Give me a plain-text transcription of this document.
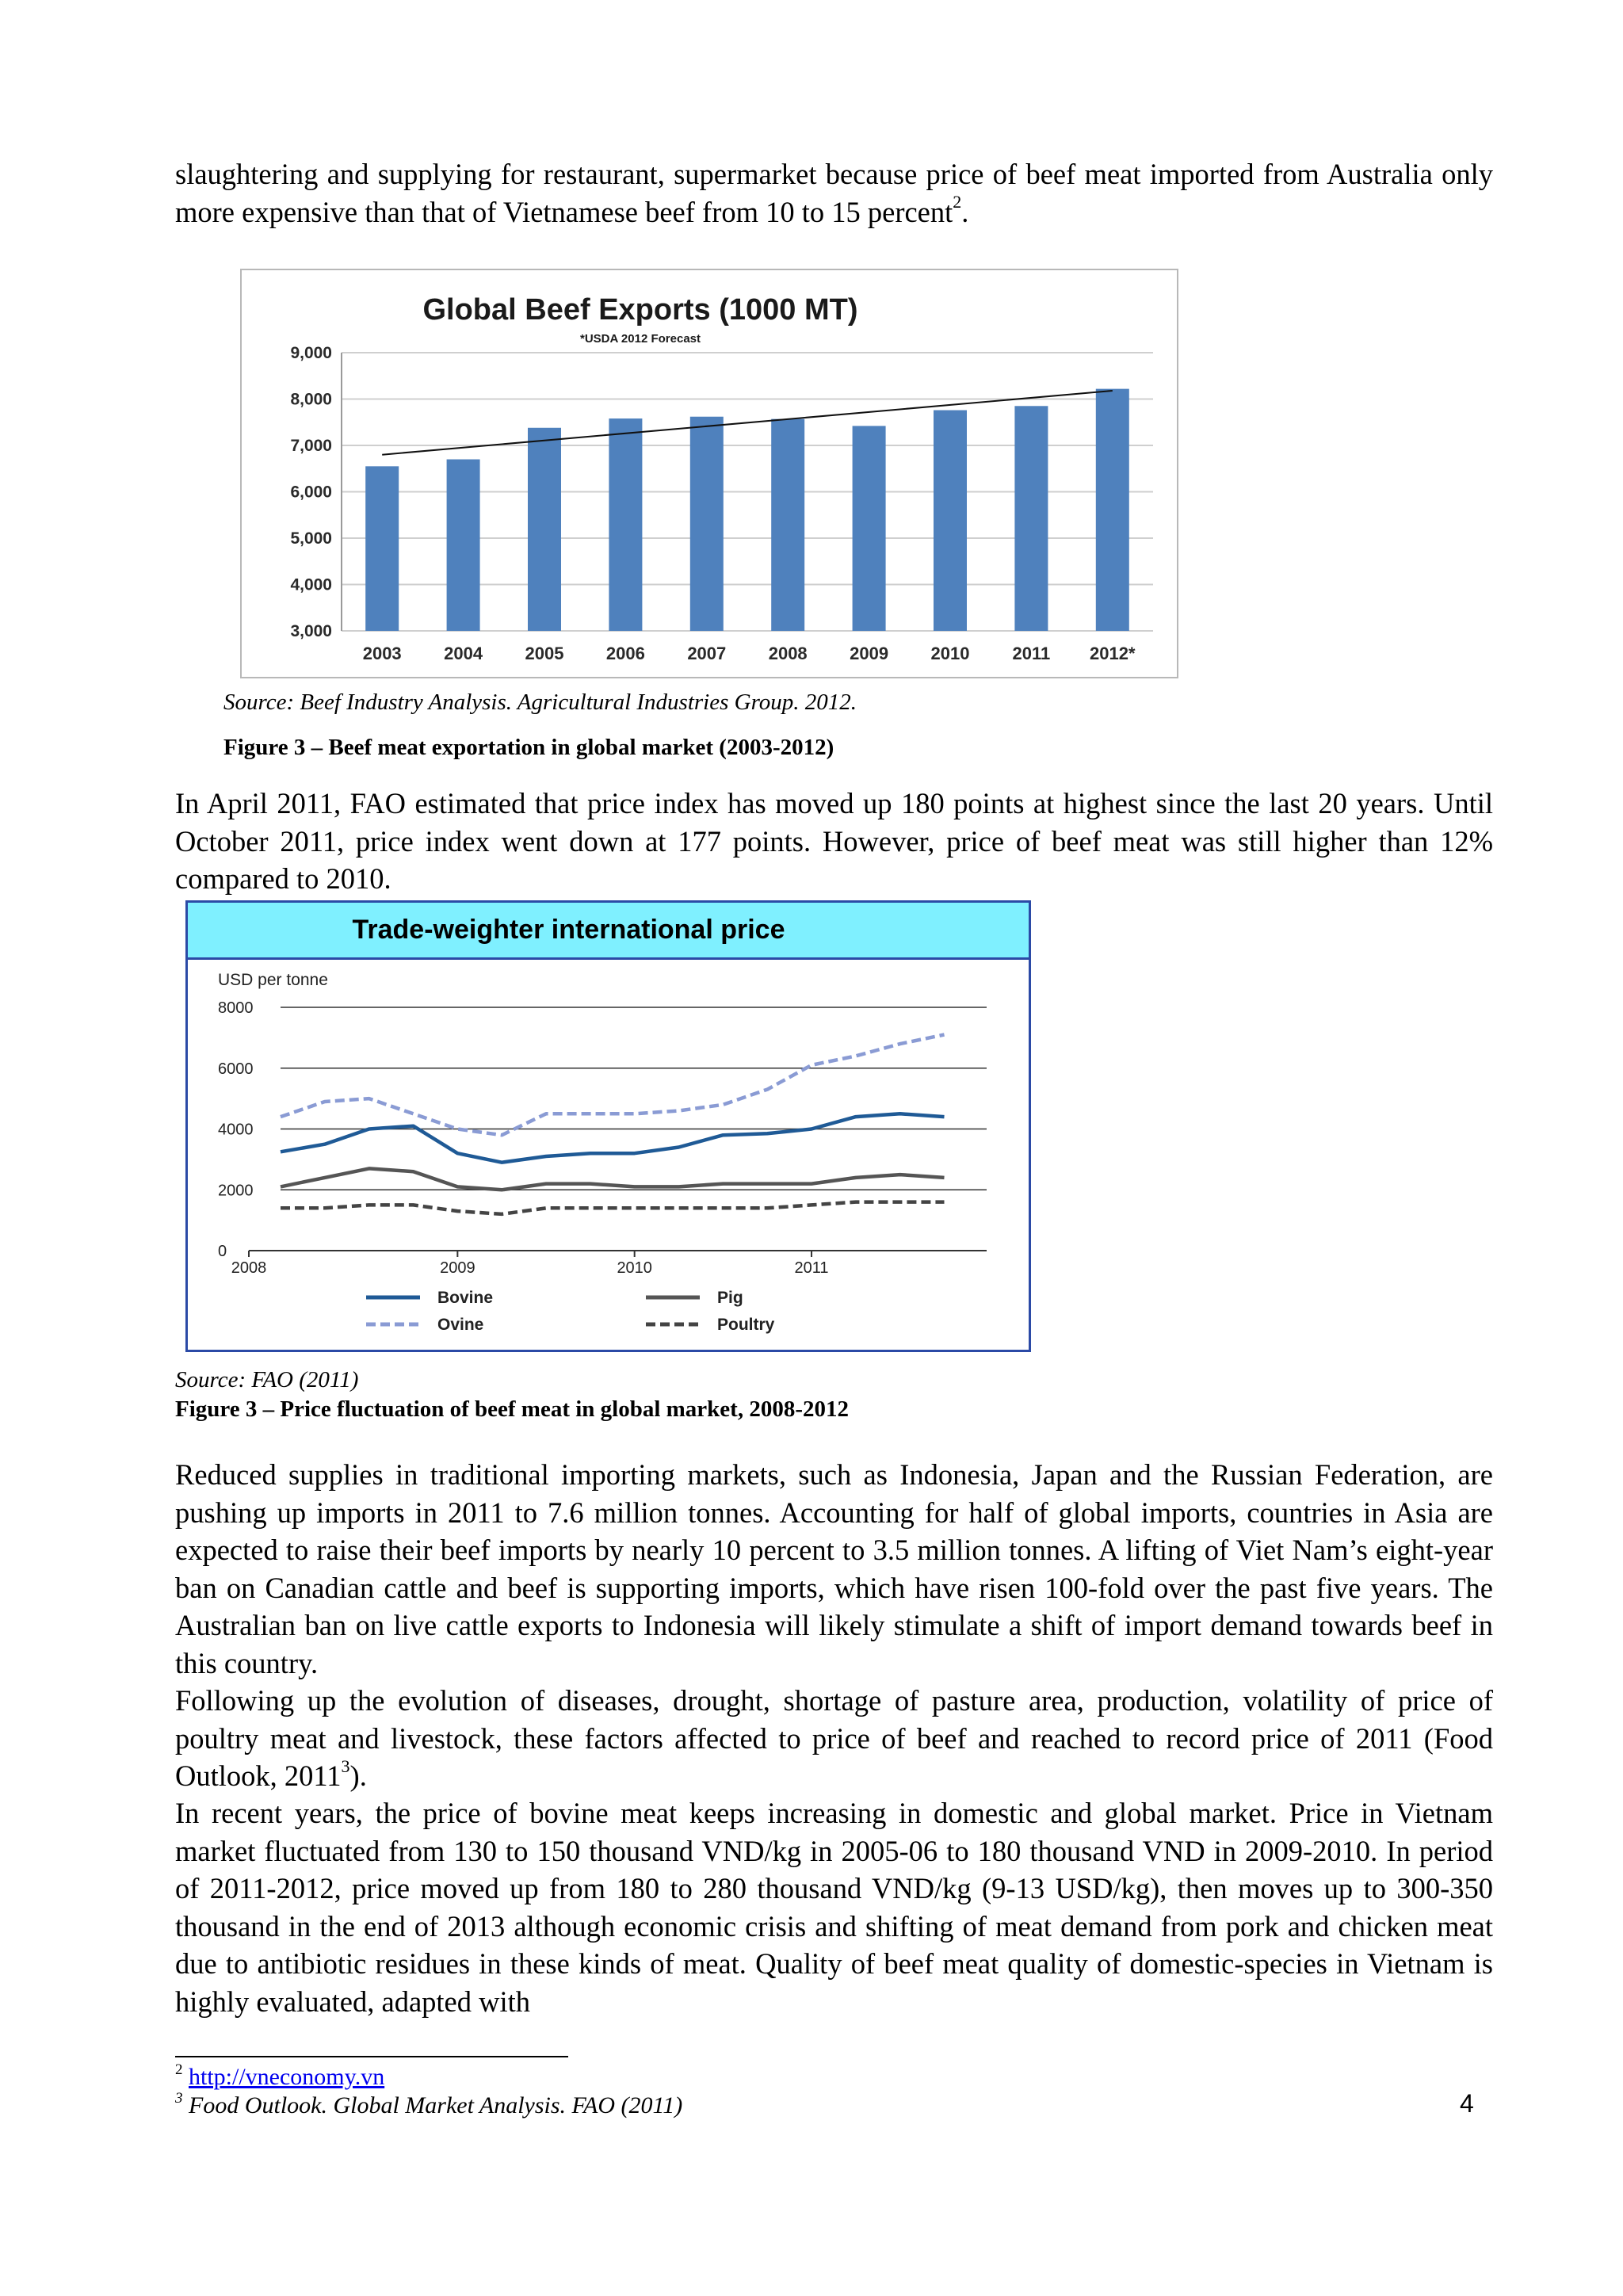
slaughtering and supplying for restaurant, supermarket because price of beef meat imported from Australia only more expensive than that of Vietnamese beef from 10 to 15 percent$^2$.

Global Beef Exports (1000 MT)
*USDA 2012 Forecast
3,000
4,000
5,000
6,000
7,000
8,000
9,000
2003 2004 2005 2006 2007 2008 2009 2010 2011 2012*

Source: Beef Industry Analysis. Agricultural Industries Group. 2012.

Figure 3 – Beef meat exportation in global market (2003-2012)

In April 2011, FAO estimated that price index has moved up 180 points at highest since the last 20 years. Until October 2011, price index went down at 177 points. However, price of beef meat was still higher than 12% compared to 2010.

Trade-weighter international price
USD per tonne
0
2000
4000
6000
8000
2008	2009	2010	2011
Bovine	Pig
Ovine	Poultry

Source: FAO (2011)

Figure 3 – Price fluctuation of beef meat in global market, 2008-2012

Reduced supplies in traditional importing markets, such as Indonesia, Japan and the Russian Federation, are pushing up imports in 2011 to 7.6 million tonnes. Accounting for half of global imports, countries in Asia are expected to raise their beef imports by nearly 10 percent to 3.5 million tonnes. A lifting of Viet Nam’s eight-year ban on Canadian cattle and beef is supporting imports, which have risen 100-fold over the past five years. The Australian ban on live cattle exports to Indonesia will likely stimulate a shift of import demand towards beef in this country.

Following up the evolution of diseases, drought, shortage of pasture area, production, volatility of price of poultry meat and livestock, these factors affected to price of beef and reached to record price of 2011 (Food Outlook, 2011$^3$).

In recent years, the price of bovine meat keeps increasing in domestic and global market. Price in Vietnam market fluctuated from 130 to 150 thousand VND/kg in 2005-06 to 180 thousand VND in 2009-2010. In period of 2011-2012, price moved up from 180 to 280 thousand VND/kg (9-13 USD/kg), then moves up to 300-350 thousand in the end of 2013 although economic crisis and shifting of meat demand from pork and chicken meat due to antibiotic residues in these kinds of meat. Quality of beef meat quality of domestic-species in Vietnam is highly evaluated, adapted with

$^2$ http://vneconomy.vn

$^3$ Food Outlook. Global Market Analysis. FAO (2011)	4
